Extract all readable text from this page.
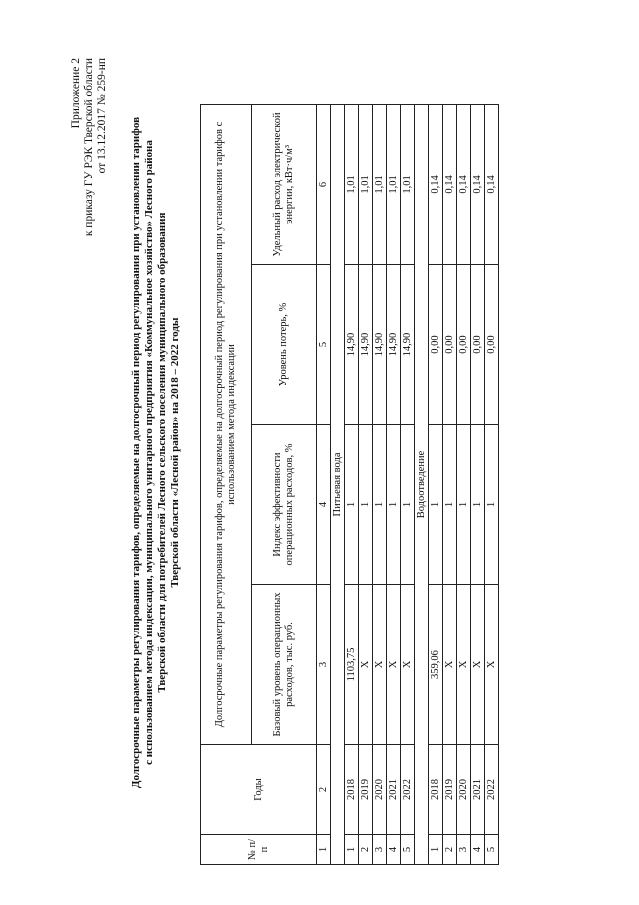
Приложение 2 к приказу ГУ РЭК Тверской области от 13.12.2017 № 259-нп
Долгосрочные параметры регулирования тарифов, определяемые на долгосрочный период регулирования при установлении тарифов с использованием метода индексации, муниципального унитарного предприятия «Коммунальное хозяйство» Лесного района Тверской области для потребителей Лесного сельского поселения муниципального образования Тверской области «Лесной район» на 2018 – 2022 годы
№ п/п	Годы	Долгосрочные параметры регулирования тарифов, определяемые на долгосрочный период регулирования при установлении тарифов с использованием метода индексации			
		Базовый уровень операционных расходов, тыс. руб.	Индекс эффективности операционных расходов, %	Уровень потерь, %	Удельный расход электрической энергии, кВт·ч/м³
1	2	3	4	5	6
Питьевая вода					
1	2018	1103,75	1	14,90	1,01
2	2019	X	1	14,90	1,01
3	2020	X	1	14,90	1,01
4	2021	X	1	14,90	1,01
5	2022	X	1	14,90	1,01
Водоотведение					
1	2018	359,06	1	0,00	0,14
2	2019	X	1	0,00	0,14
3	2020	X	1	0,00	0,14
4	2021	X	1	0,00	0,14
5	2022	X	1	0,00	0,14
